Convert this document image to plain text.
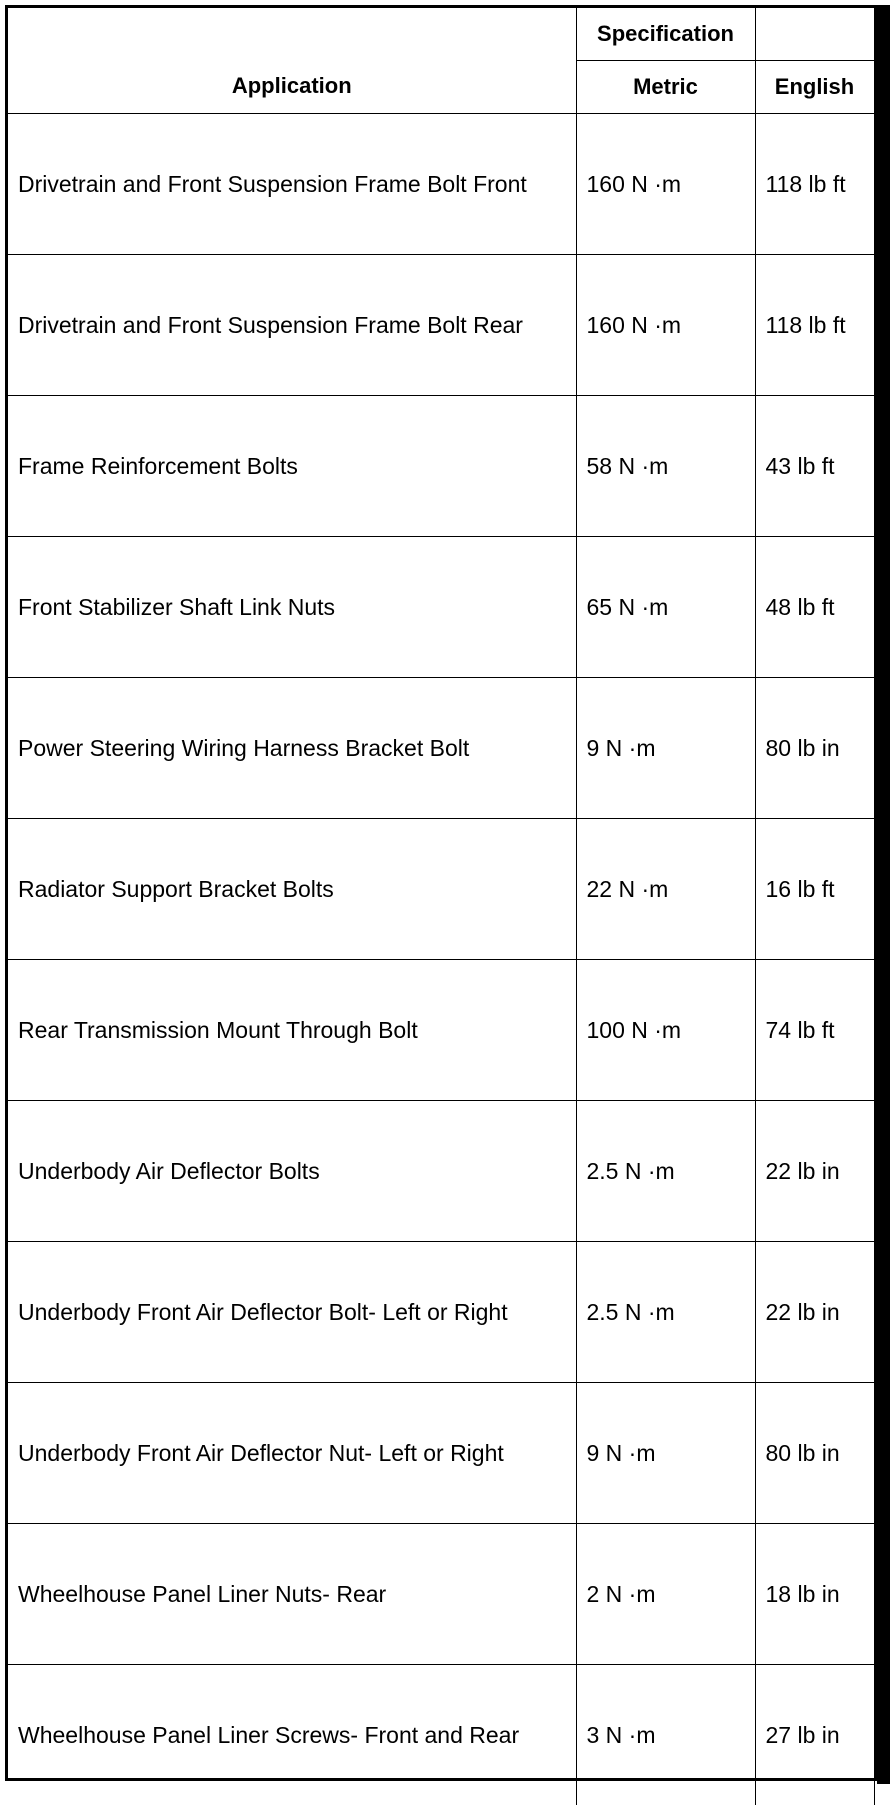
Application	Specification	
	Metric	English
Drivetrain and Front Suspension Frame Bolt Front	160 N ·m	118 lb ft
Drivetrain and Front Suspension Frame Bolt Rear	160 N ·m	118 lb ft
Frame Reinforcement Bolts	58 N ·m	43 lb ft
Front Stabilizer Shaft Link Nuts	65 N ·m	48 lb ft
Power Steering Wiring Harness Bracket Bolt	9 N ·m	80 lb in
Radiator Support Bracket Bolts	22 N ·m	16 lb ft
Rear Transmission Mount Through Bolt	100 N ·m	74 lb ft
Underbody Air Deflector Bolts	2.5 N ·m	22 lb in
Underbody Front Air Deflector Bolt- Left or Right	2.5 N ·m	22 lb in
Underbody Front Air Deflector Nut- Left or Right	9 N ·m	80 lb in
Wheelhouse Panel Liner Nuts- Rear	2 N ·m	18 lb in
Wheelhouse Panel Liner Screws- Front and Rear	3 N ·m	27 lb in
